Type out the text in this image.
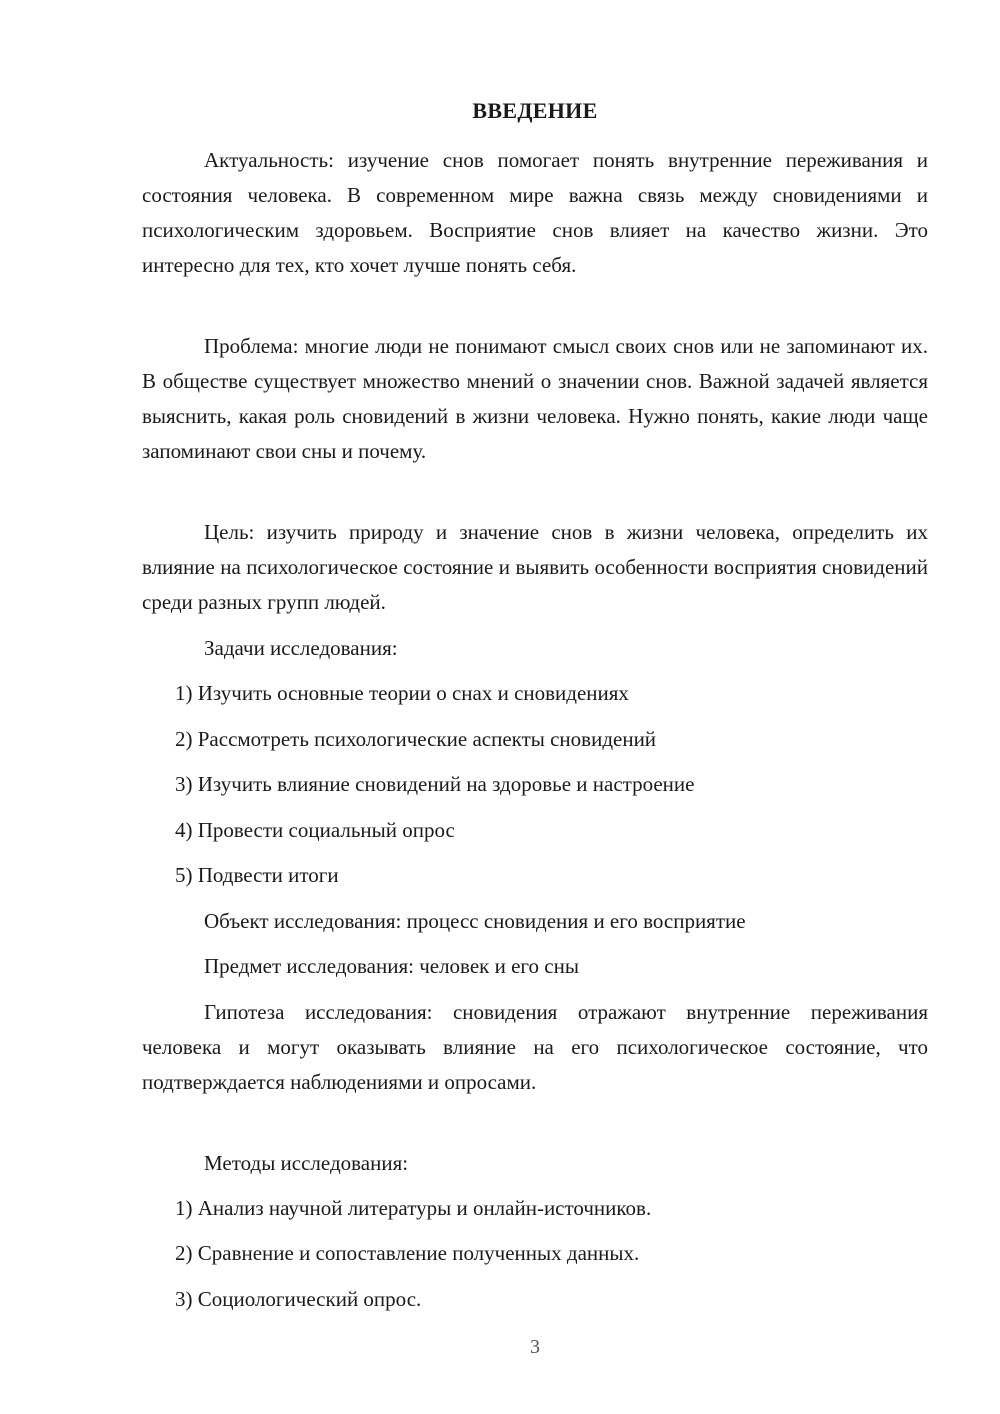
ВВЕДЕНИЕ

Актуальность: изучение снов помогает понять внутренние переживания и состояния человека. В современном мире важна связь между сновидениями и психологическим здоровьем. Восприятие снов влияет на качество жизни. Это интересно для тех, кто хочет лучше понять себя.

Проблема: многие люди не понимают смысл своих снов или не запоминают их. В обществе существует множество мнений о значении снов. Важной задачей является выяснить, какая роль сновидений в жизни человека. Нужно понять, какие люди чаще запоминают свои сны и почему.

Цель: изучить природу и значение снов в жизни человека, определить их влияние на психологическое состояние и выявить особенности восприятия сновидений среди разных групп людей.

Задачи исследования:

1) Изучить основные теории о снах и сновидениях

2) Рассмотреть психологические аспекты сновидений

3) Изучить влияние сновидений на здоровье и настроение

4) Провести социальный опрос

5) Подвести итоги

Объект исследования: процесс сновидения и его восприятие

Предмет исследования: человек и его сны

Гипотеза исследования: сновидения отражают внутренние переживания человека и могут оказывать влияние на его психологическое состояние, что подтверждается наблюдениями и опросами.

Методы исследования:

1) Анализ научной литературы и онлайн-источников.

2) Сравнение и сопоставление полученных данных.

3) Социологический опрос.

3
